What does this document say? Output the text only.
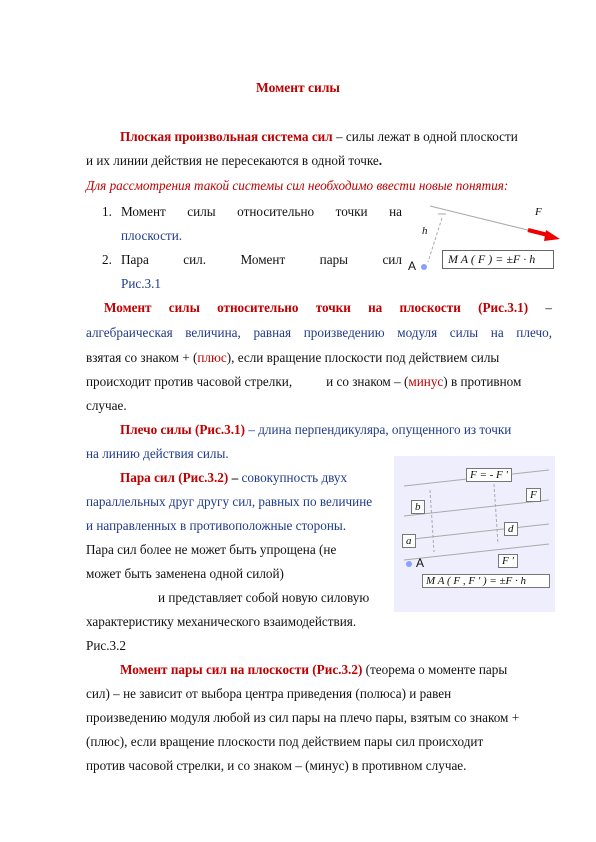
Момент силы
Плоская произвольная система сил – силы лежат в одной плоскости
и их линии действия не пересекаются в одной точке.
Для рассмотрения такой системы сил необходимо ввести новые понятия:
1. Момент силы относительно точки на
плоскости.
2. Пара	сил.	Момент	пары	сил
Рис.3.1
F
h
A	M A ( F ) = ±F · h
Момент силы относительно точки на плоскости (Рис.3.1) –
алгебраическая величина, равная произведению модуля силы на плечо,
взятая со знаком + (плюс), если вращение плоскости под действием силы
происходит против часовой стрелки,	и со знаком – (минус) в противном
случае.
Плечо силы (Рис.3.1) – длина перпендикуляра, опущенного из точки
на линию действия силы.
Пара сил (Рис.3.2) – совокупность двух
параллельных друг другу сил, равных по величине
и направленных в противоположные стороны.
Пара сил более не может быть упрощена (не
может быть заменена одной силой)
и представляет собой новую силовую
характеристику механического взаимодействия.
Рис.3.2
F = - F '
F
b
d
a
F '
A
M A ( F , F ' ) = ±F · h
Момент пары сил на плоскости (Рис.3.2) (теорема о моменте пары
сил) – не зависит от выбора центра приведения (полюса) и равен
произведению модуля любой из сил пары на плечо пары, взятым со знаком +
(плюс), если вращение плоскости под действием пары сил происходит
против часовой стрелки, и со знаком – (минус) в противном случае.
